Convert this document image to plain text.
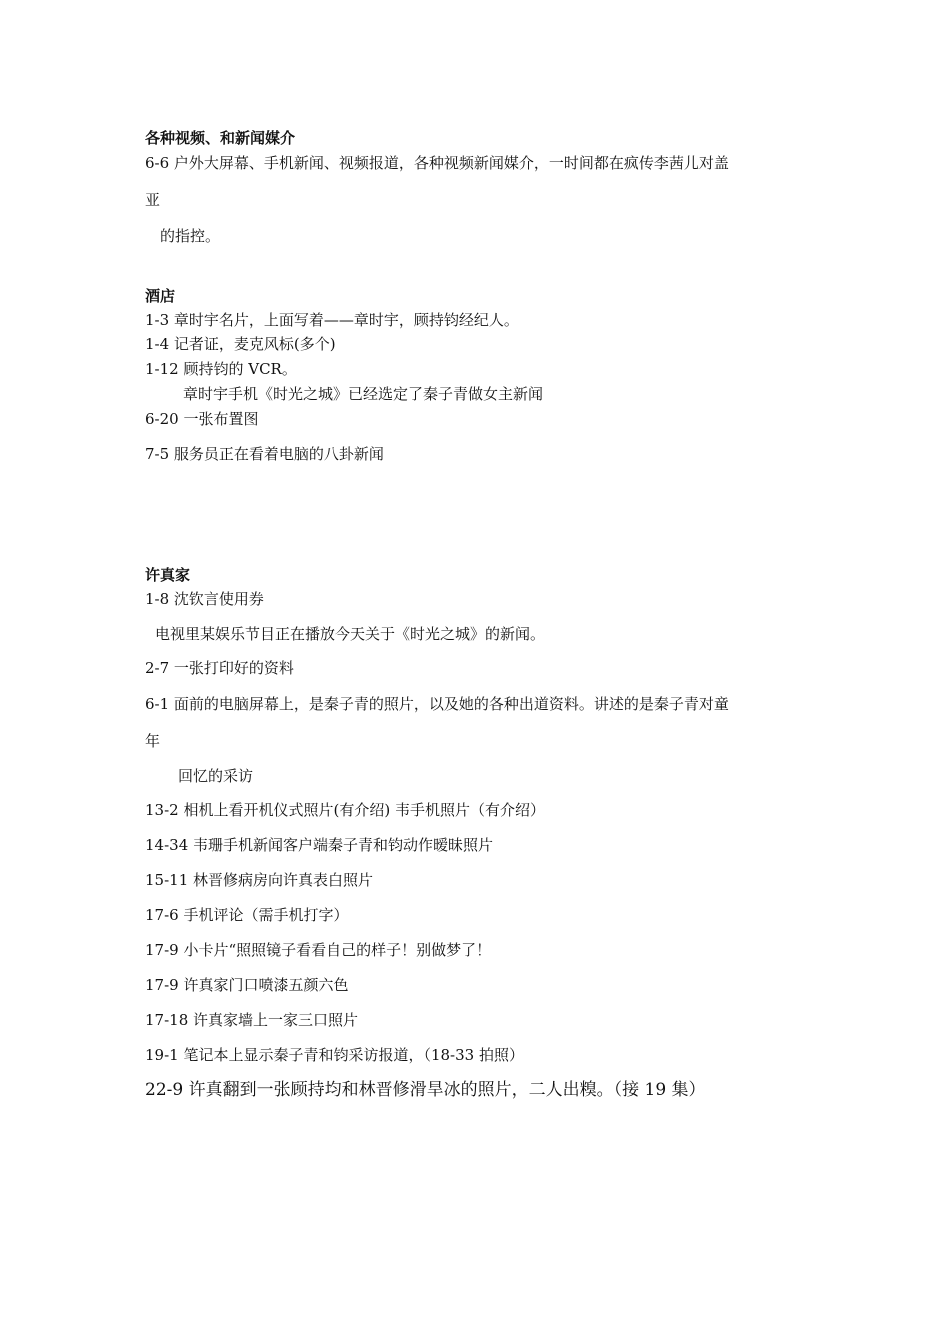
各种视频、和新闻媒介
6-6 户外大屏幕、手机新闻、视频报道，各种视频新闻媒介，一时间都在疯传李茜儿对盖
亚
的指控。
酒店
1-3 章时宇名片，上面写着——章时宇，顾持钧经纪人。
1-4 记者证，麦克风标(多个)
1-12 顾持钧的 VCR。
章时宇手机《时光之城》已经选定了秦子青做女主新闻
6-20 一张布置图
7-5 服务员正在看着电脑的八卦新闻
许真家
1-8 沈钦言使用券
电视里某娱乐节目正在播放今天关于《时光之城》的新闻。
2-7 一张打印好的资料
6-1 面前的电脑屏幕上，是秦子青的照片，以及她的各种出道资料。讲述的是秦子青对童
年
回忆的采访
13-2 相机上看开机仪式照片(有介绍) 韦手机照片（有介绍）
14-34 韦珊手机新闻客户端秦子青和钧动作暧昧照片
15-11 林晋修病房向许真表白照片
17-6 手机评论（需手机打字）
17-9 小卡片“照照镜子看看自己的样子！别做梦了！
17-9 许真家门口喷漆五颜六色
17-18 许真家墙上一家三口照片
19-1 笔记本上显示秦子青和钧采访报道，（18-33 拍照）
22-9 许真翻到一张顾持均和林晋修滑旱冰的照片，二人出糗。（接 19 集）
